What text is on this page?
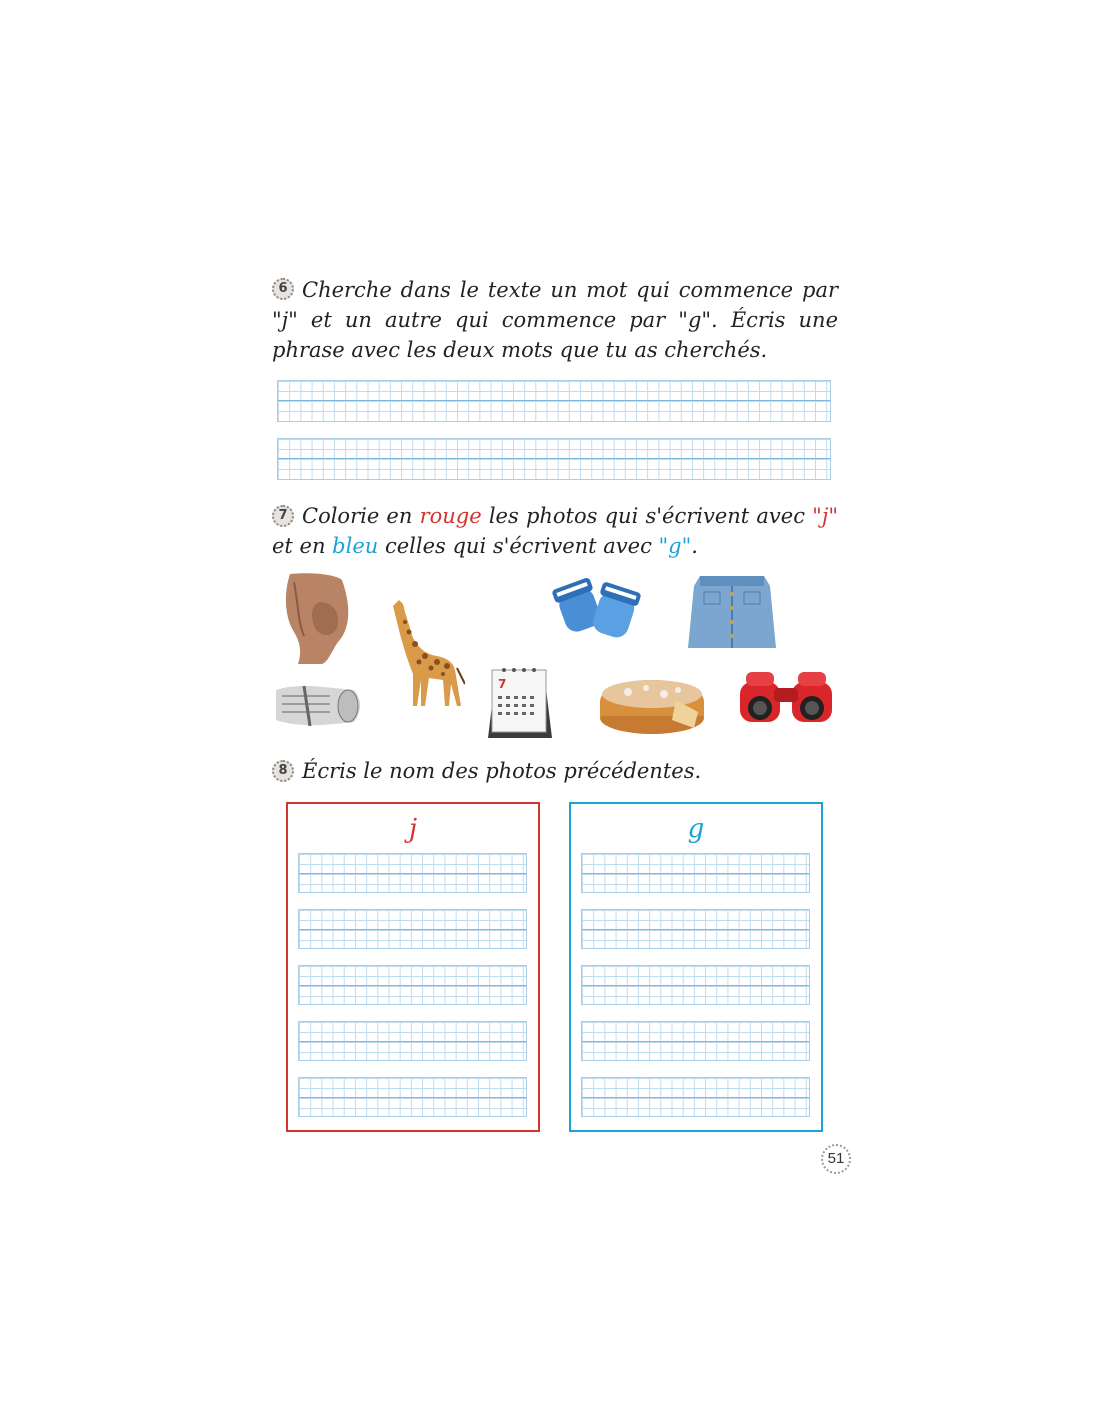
6 Cherche dans le texte un mot qui commence par "j" et un autre qui commence par "g". Écris une phrase avec les deux mots que tu as cherchés.
7 Colorie en rouge les photos qui s'écrivent avec "j" et en bleu celles qui s'écrivent avec "g".
7
8 Écris le nom des photos précédentes.
j	g
51
